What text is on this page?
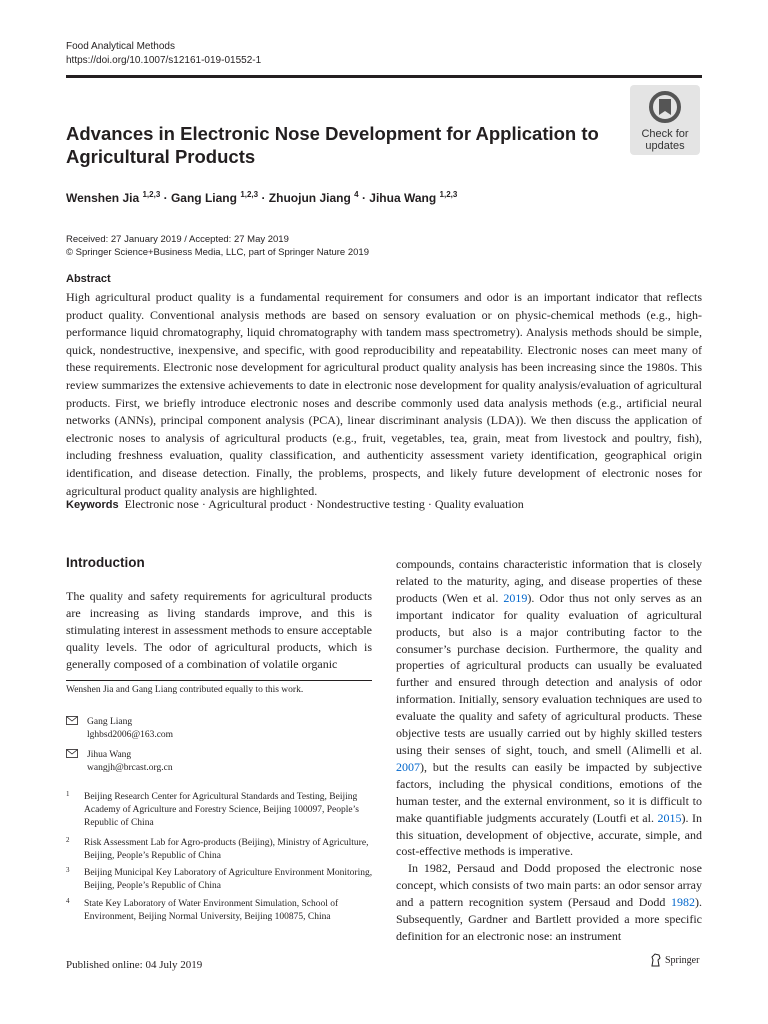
Food Analytical Methods
https://doi.org/10.1007/s12161-019-01552-1
Check for
updates
Advances in Electronic Nose Development for Application to Agricultural Products
Wenshen Jia $^{1,2,3}$ · Gang Liang $^{1,2,3}$ · Zhuojun Jiang $^4$ · Jihua Wang $^{1,2,3}$
Received: 27 January 2019 / Accepted: 27 May 2019
© Springer Science+Business Media, LLC, part of Springer Nature 2019
Abstract

High agricultural product quality is a fundamental requirement for consumers and odor is an important indicator that reflects product quality. Conventional analysis methods are based on sensory evaluation or on physic-chemical methods (e.g., high-performance liquid chromatography, liquid chromatography with tandem mass spectrometry). Analysis methods should be simple, quick, nondestructive, inexpensive, and specific, with good reproducibility and repeatability. Electronic noses can meet many of these requirements. Electronic nose development for agricultural product quality analysis has been increasing since the 1980s. This review summarizes the extensive achievements to date in electronic nose development for quality analysis/evaluation of agricultural products. First, we briefly introduce electronic noses and describe commonly used data analysis methods (e.g., artificial neural networks (ANNs), principal component analysis (PCA), linear discriminant analysis (LDA)). We then discuss the application of electronic noses to analysis of agricultural products (e.g., fruit, vegetables, tea, grain, meat from livestock and poultry, fish), including freshness evaluation, quality classification, and authenticity assessment variety identification, geographical origin identification, and disease detection. Finally, the problems, prospects, and likely future development of electronic noses for agricultural product quality analysis are highlighted.

Keywords Electronic nose · Agricultural product · Nondestructive testing · Quality evaluation
Introduction

The quality and safety requirements for agricultural products are increasing as living standards improve, and this is stimulating interest in assessment methods to ensure acceptable quality levels. The odor of agricultural products, which is generally composed of a combination of volatile organic

Wenshen Jia and Gang Liang contributed equally to this work.
Gang Liang
lghbsd2006@163.com
Jihua Wang
wangjh@brcast.org.cn
1 Beijing Research Center for Agricultural Standards and Testing, Beijing Academy of Agriculture and Forestry Science, Beijing 100097, People’s Republic of China
2 Risk Assessment Lab for Agro-products (Beijing), Ministry of Agriculture, Beijing, People’s Republic of China
3 Beijing Municipal Key Laboratory of Agriculture Environment Monitoring, Beijing, People’s Republic of China
4 State Key Laboratory of Water Environment Simulation, School of Environment, Beijing Normal University, Beijing 100875, China

compounds, contains characteristic information that is closely related to the maturity, aging, and disease properties of these products (Wen et al. 2019). Odor thus not only serves as an important indicator for quality evaluation of agricultural products, but also is a major contributing factor to the consumer’s purchase decision. Furthermore, the quality and properties of agricultural products can usually be evaluated further and ensured through detection and analysis of odor information. Initially, sensory evaluation techniques are used to evaluate the quality and safety of agricultural products. These objective tests are usually carried out by highly skilled testers using their senses of sight, touch, and smell (Alimelli et al. 2007), but the results can easily be impacted by subjective factors, including the physical conditions, emotions of the human tester, and the external environment, so it is difficult to make quantifiable judgments accurately (Loutfi et al. 2015). In this situation, development of objective, accurate, simple, and cost-effective methods is imperative.

In 1982, Persaud and Dodd proposed the electronic nose concept, which consists of two main parts: an odor sensor array and a pattern recognition system (Persaud and Dodd 1982). Subsequently, Gardner and Bartlett provided a more specific definition for an electronic nose: an instrument

Published online: 04 July 2019	Springer
